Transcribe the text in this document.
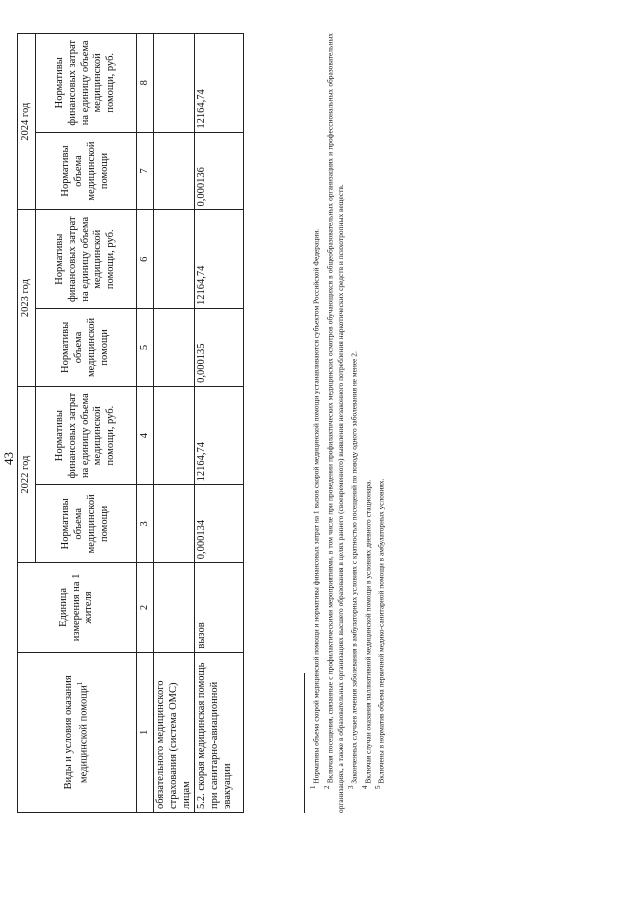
43
Виды и условия оказания медицинской помощи$^1$	Единица измерения на 1 жителя	2022 год		2023 год		2024 год	
		Нормативы объема медицинской помощи	Нормативы финансовых затрат на единицу объема медицинской помощи, руб.	Нормативы объема медицинской помощи	Нормативы финансовых затрат на единицу объема медицинской помощи, руб.	Нормативы объема медицинской помощи	Нормативы финансовых затрат на единицу объема медицинской помощи, руб.
1	2	3	4	5	6	7	8
обязательного медицинского страхования (система ОМС) лицам							
5.2. скорая медицинская помощь при санитарно-авиационной эвакуации	вызов	0,000134	12164,74	0,000135	12164,74	0,000136	12164,74

$^1$ Нормативы объема скорой медицинской помощи и нормативы финансовых затрат на 1 вызов скорой медицинской помощи устанавливаются субъектом Российской Федерации.

$^2$ Включая посещения, связанные с профилактическими мероприятиями, в том числе при проведении профилактических медицинских осмотров обучающихся в общеобразовательных организациях и профессиональных образовательных организациях, а также в образовательных организациях высшего образования в целях раннего (своевременного) выявления незаконного потребления наркотических средств и психотропных веществ. $^3$ Законченных случаев лечения заболевания в амбулаторных условиях с кратностью посещений по поводу одного заболевания не менее 2.

$^4$ Включая случаи оказания паллиативной медицинской помощи в условиях дневного стационара.

$^5$ Включены в норматив объема первичной медико-санитарной помощи в амбулаторных условиях.
